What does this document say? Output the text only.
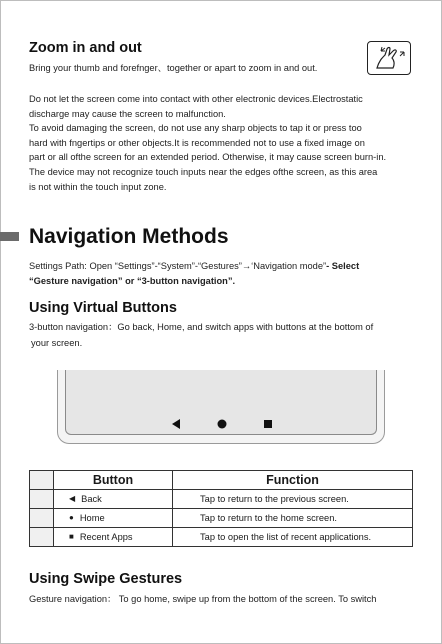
Zoom in and out
Bring your thumb and forefnger、together or apart to zoom in and out.
Do not let the screen come into contact with other electronic devices.Electrostatic
discharge may cause the screen to malfunction.
To avoid damaging the screen, do not use any sharp objects to tap it or press too
hard with fngertips or other objects.It is recommended not to use a fixed image on
part or all ofthe screen for an extended period. Otherwise, it may cause screen burn-in.
The device may not recognize touch inputs near the edges ofthe screen, as this area
is not within the touch input zone.
Navigation Methods
Settings Path: Open “Settings”-“System”-“Gestures”→‘Navigation mode”- Select
“Gesture navigation” or “3-button navigation”.
Using Virtual Buttons
3-button navigation：Go back, Home, and switch apps with buttons at the bottom of
your screen.
	Button	Function
	◀ Back	Tap to return to the previous screen.
	● Home	Tap to return to the home screen.
	■ Recent Apps	Tap to open the list of recent applications.
Using Swipe Gestures
Gesture navigation： To go home, swipe up from the bottom of the screen. To switch
